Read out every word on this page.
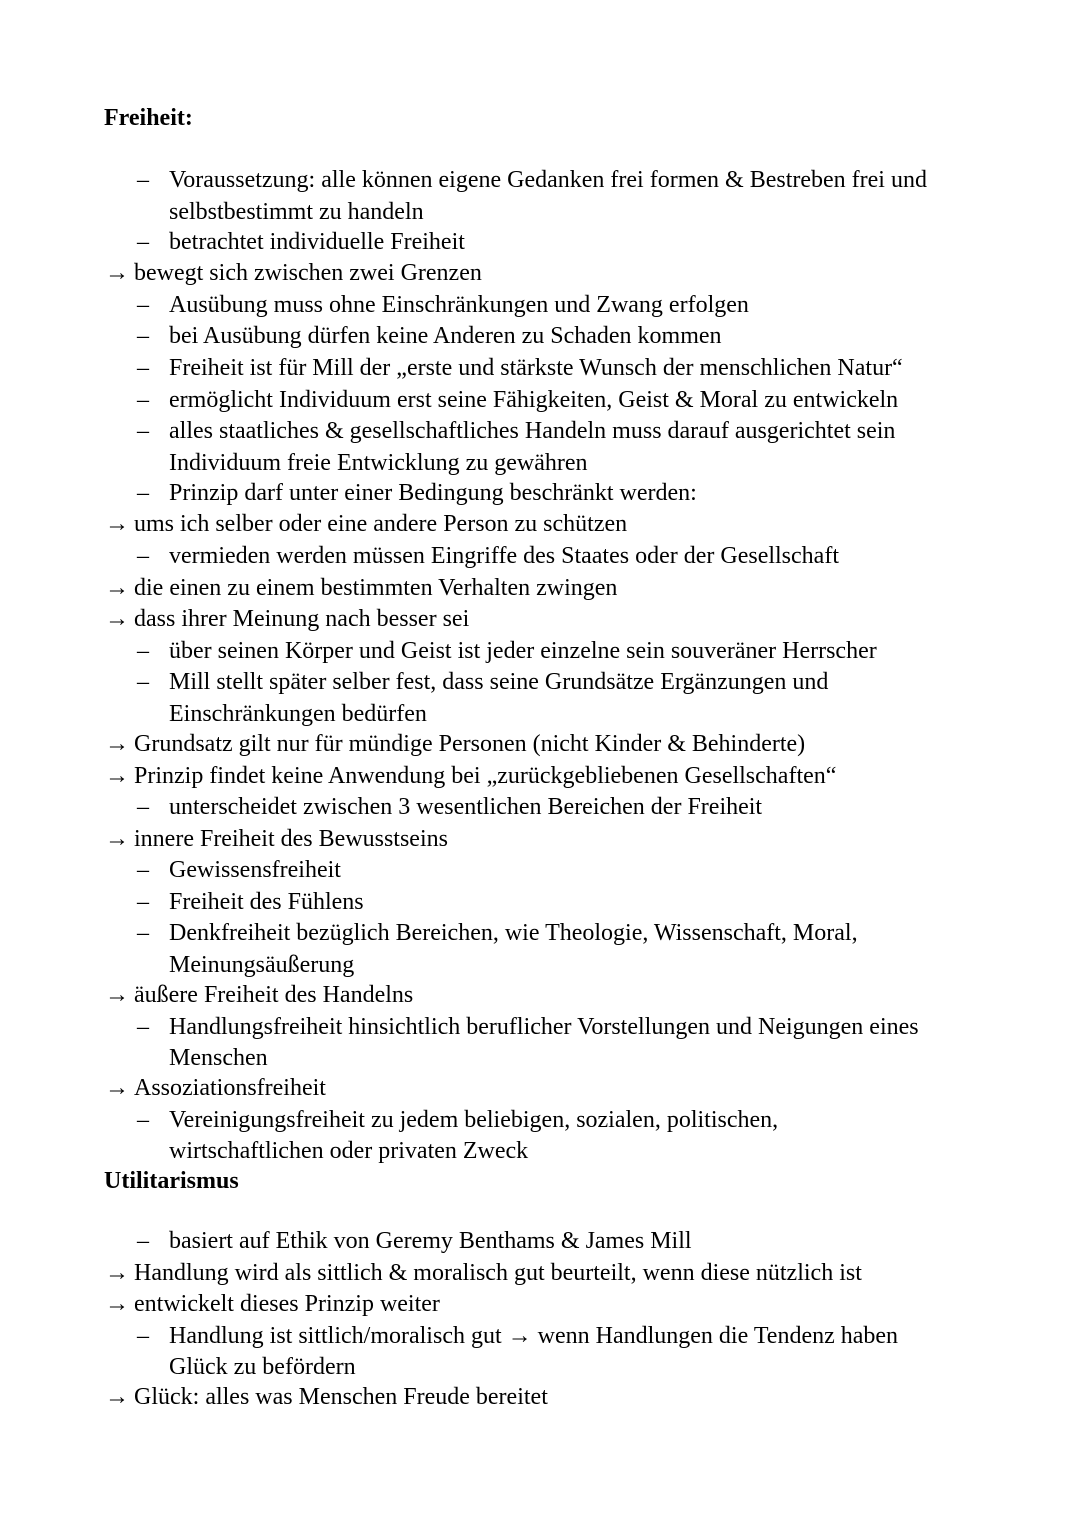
Freiheit:
– Voraussetzung: alle können eigene Gedanken frei formen & Bestreben frei und
selbstbestimmt zu handeln
– betrachtet individuelle Freiheit
→ bewegt sich zwischen zwei Grenzen
– Ausübung muss ohne Einschränkungen und Zwang erfolgen
– bei Ausübung dürfen keine Anderen zu Schaden kommen
– Freiheit ist für Mill der „erste und stärkste Wunsch der menschlichen Natur“
– ermöglicht Individuum erst seine Fähigkeiten, Geist & Moral zu entwickeln
– alles staatliches & gesellschaftliches Handeln muss darauf ausgerichtet sein
Individuum freie Entwicklung zu gewähren
– Prinzip darf unter einer Bedingung beschränkt werden:
→ ums ich selber oder eine andere Person zu schützen
– vermieden werden müssen Eingriffe des Staates oder der Gesellschaft
→ die einen zu einem bestimmten Verhalten zwingen
→ dass ihrer Meinung nach besser sei
– über seinen Körper und Geist ist jeder einzelne sein souveräner Herrscher
– Mill stellt später selber fest, dass seine Grundsätze Ergänzungen und
Einschränkungen bedürfen
→ Grundsatz gilt nur für mündige Personen (nicht Kinder & Behinderte)
→ Prinzip findet keine Anwendung bei „zurückgebliebenen Gesellschaften“
– unterscheidet zwischen 3 wesentlichen Bereichen der Freiheit
→ innere Freiheit des Bewusstseins
– Gewissensfreiheit
– Freiheit des Fühlens
– Denkfreiheit bezüglich Bereichen, wie Theologie, Wissenschaft, Moral,
Meinungsäußerung
→ äußere Freiheit des Handelns
– Handlungsfreiheit hinsichtlich beruflicher Vorstellungen und Neigungen eines
Menschen
→ Assoziationsfreiheit
– Vereinigungsfreiheit zu jedem beliebigen, sozialen, politischen,
wirtschaftlichen oder privaten Zweck
Utilitarismus
– basiert auf Ethik von Geremy Benthams & James Mill
→ Handlung wird als sittlich & moralisch gut beurteilt, wenn diese nützlich ist
→ entwickelt dieses Prinzip weiter
– Handlung ist sittlich/moralisch gut → wenn Handlungen die Tendenz haben
Glück zu befördern
→ Glück: alles was Menschen Freude bereitet
